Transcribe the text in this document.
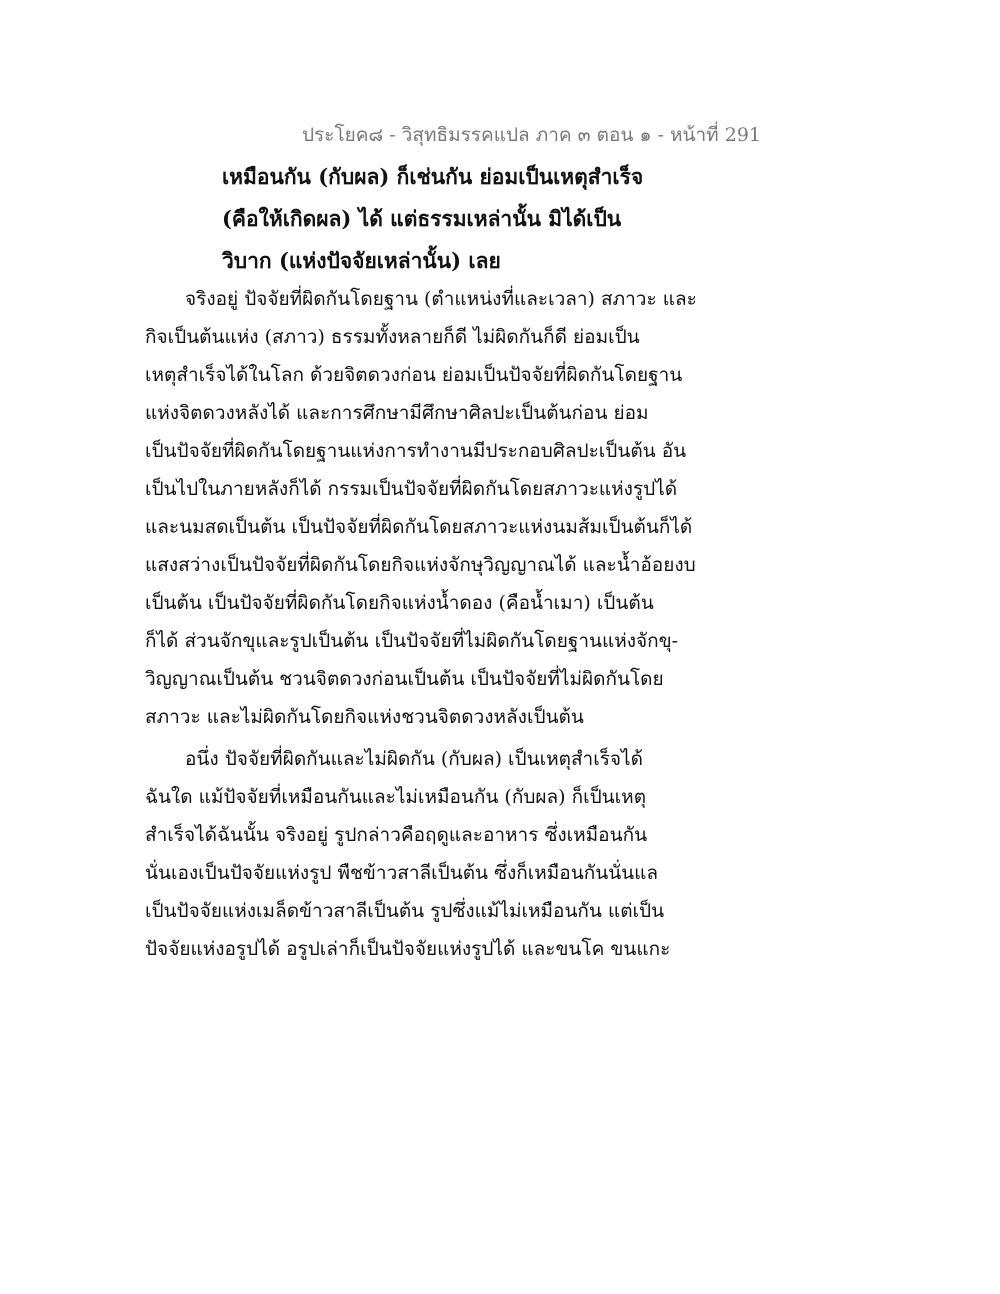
ประโยค๘ - วิสุทธิมรรคแปล ภาค ๓ ตอน ๑ - หน้าที่ 291
เหมือนกัน (กับผล) ก็เช่นกัน ย่อมเป็นเหตุสำเร็จ
(คือให้เกิดผล) ได้ แต่ธรรมเหล่านั้น มิได้เป็น
วิบาก (แห่งปัจจัยเหล่านั้น) เลย
จริงอยู่ ปัจจัยที่ผิดกันโดยฐาน (ตำแหน่งที่และเวลา) สภาวะ และ
กิจเป็นต้นแห่ง (สภาว) ธรรมทั้งหลายก็ดี ไม่ผิดกันก็ดี ย่อมเป็น
เหตุสำเร็จได้ในโลก ด้วยจิตดวงก่อน ย่อมเป็นปัจจัยที่ผิดกันโดยฐาน
แห่งจิตดวงหลังได้ และการศึกษามีศึกษาศิลปะเป็นต้นก่อน ย่อม
เป็นปัจจัยที่ผิดกันโดยฐานแห่งการทำงานมีประกอบศิลปะเป็นต้น อัน
เป็นไปในภายหลังก็ได้ กรรมเป็นปัจจัยที่ผิดกันโดยสภาวะแห่งรูปได้
และนมสดเป็นต้น เป็นปัจจัยที่ผิดกันโดยสภาวะแห่งนมส้มเป็นต้นก็ได้
แสงสว่างเป็นปัจจัยที่ผิดกันโดยกิจแห่งจักษุวิญญาณได้ และน้ำอ้อยงบ
เป็นต้น เป็นปัจจัยที่ผิดกันโดยกิจแห่งน้ำดอง (คือน้ำเมา) เป็นต้น
ก็ได้ ส่วนจักขุและรูปเป็นต้น เป็นปัจจัยที่ไม่ผิดกันโดยฐานแห่งจักขุ-
วิญญาณเป็นต้น ชวนจิตดวงก่อนเป็นต้น เป็นปัจจัยที่ไม่ผิดกันโดย
สภาวะ และไม่ผิดกันโดยกิจแห่งชวนจิตดวงหลังเป็นต้น
อนึ่ง ปัจจัยที่ผิดกันและไม่ผิดกัน (กับผล) เป็นเหตุสำเร็จได้
ฉันใด แม้ปัจจัยที่เหมือนกันและไม่เหมือนกัน (กับผล) ก็เป็นเหตุ
สำเร็จได้ฉันนั้น จริงอยู่ รูปกล่าวคือฤดูและอาหาร ซึ่งเหมือนกัน
นั่นเองเป็นปัจจัยแห่งรูป พืชข้าวสาลีเป็นต้น ซึ่งก็เหมือนกันนั่นแล
เป็นปัจจัยแห่งเมล็ดข้าวสาลีเป็นต้น รูปซึ่งแม้ไม่เหมือนกัน แต่เป็น
ปัจจัยแห่งอรูปได้ อรูปเล่าก็เป็นปัจจัยแห่งรูปได้ และขนโค ขนแกะ
